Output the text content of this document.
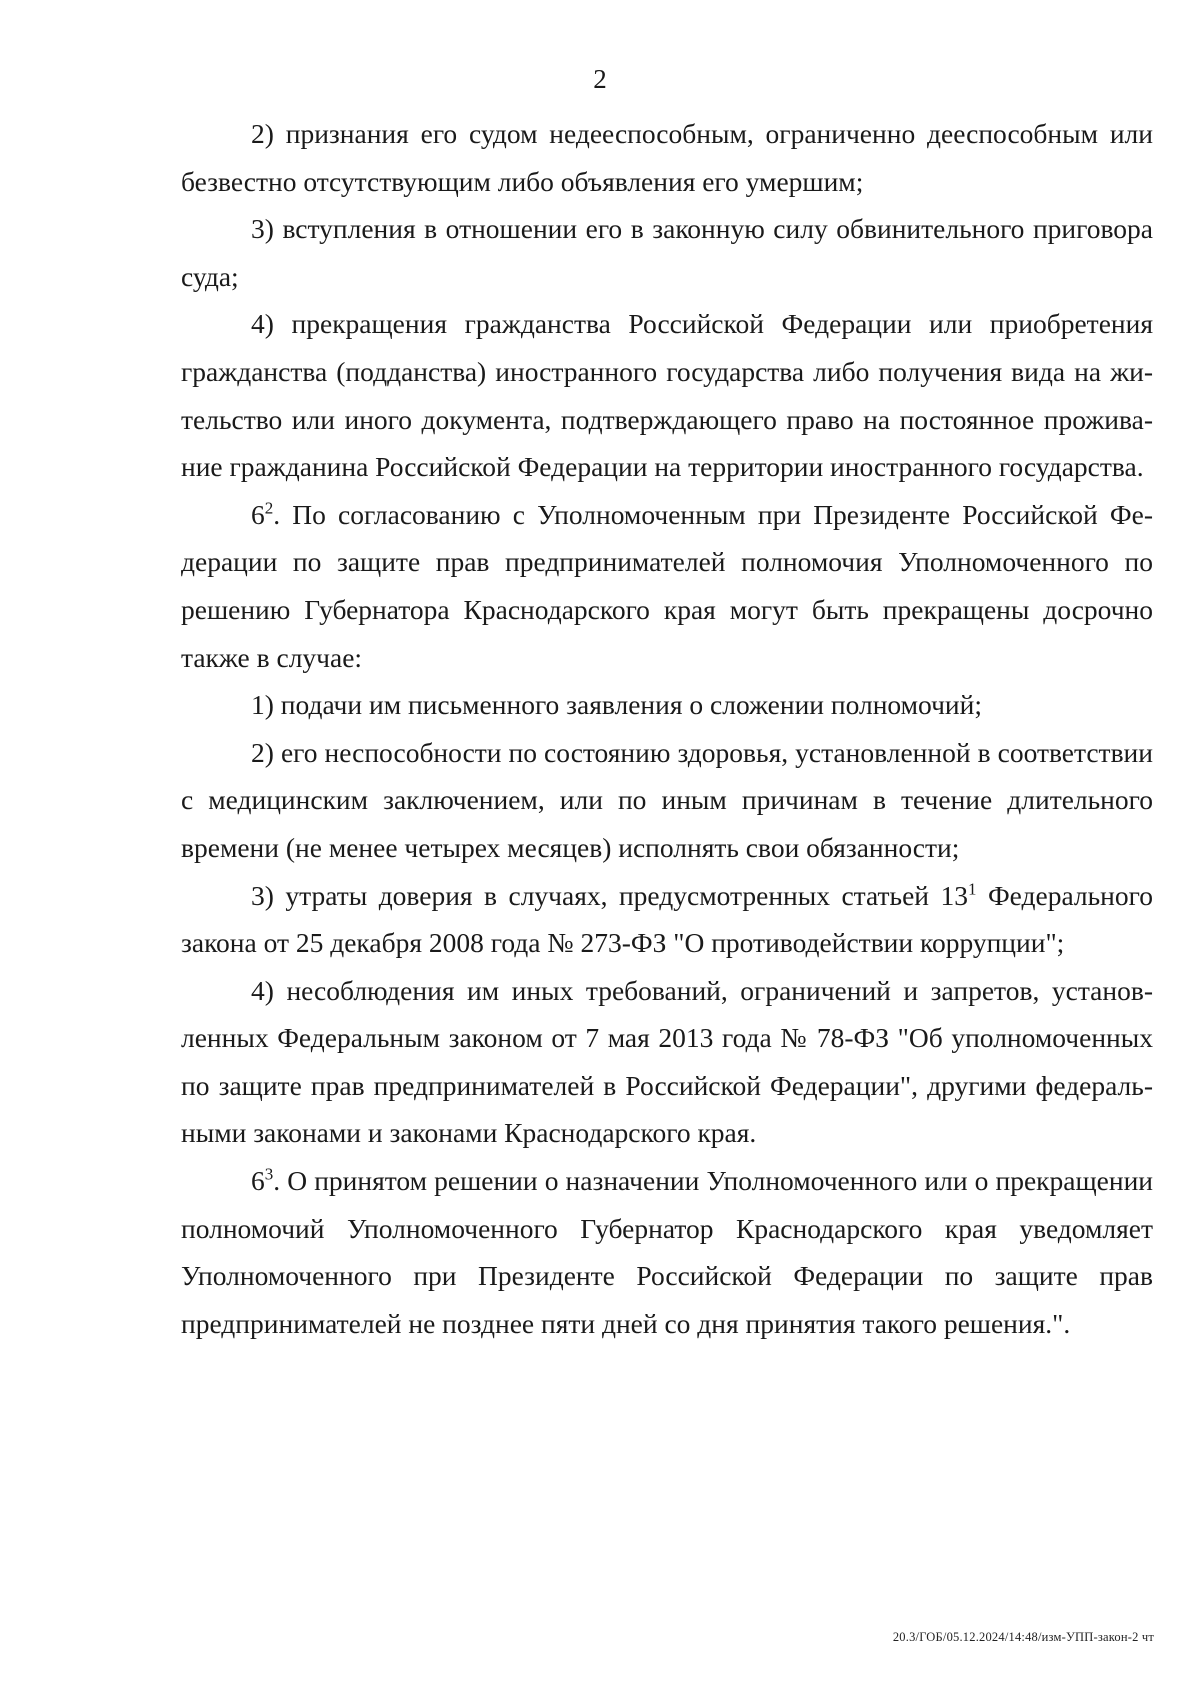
2

2) признания его судом недееспособным, ограниченно дееспособным или безвестно отсутствующим либо объявления его умершим;

3) вступления в отношении его в законную силу обвинительного приговора суда;

4) прекращения гражданства Российской Федерации или приобретения гражданства (подданства) иностранного государства либо получения вида на жительство или иного документа, подтверждающего право на постоянное проживание гражданина Российской Федерации на территории иностранного государства.

$6^2$. По согласованию с Уполномоченным при Президенте Российской Федерации по защите прав предпринимателей полномочия Уполномоченного по решению Губернатора Краснодарского края могут быть прекращены досрочно также в случае:

1) подачи им письменного заявления о сложении полномочий;

2) его неспособности по состоянию здоровья, установленной в соответствии с медицинским заключением, или по иным причинам в течение длительного времени (не менее четырех месяцев) исполнять свои обязанности;

3) утраты доверия в случаях, предусмотренных статьей $13^1$ Федерального закона от 25 декабря 2008 года № 273-ФЗ "О противодействии коррупции";

4) несоблюдения им иных требований, ограничений и запретов, установленных Федеральным законом от 7 мая 2013 года № 78-ФЗ "Об уполномоченных по защите прав предпринимателей в Российской Федерации", другими федеральными законами и законами Краснодарского края.

$6^3$. О принятом решении о назначении Уполномоченного или о прекращении полномочий Уполномоченного Губернатор Краснодарского края уведомляет Уполномоченного при Президенте Российской Федерации по защите прав предпринимателей не позднее пяти дней со дня принятия такого решения.".

20.3/ГОБ/05.12.2024/14:48/изм-УПП-закон-2 чт
